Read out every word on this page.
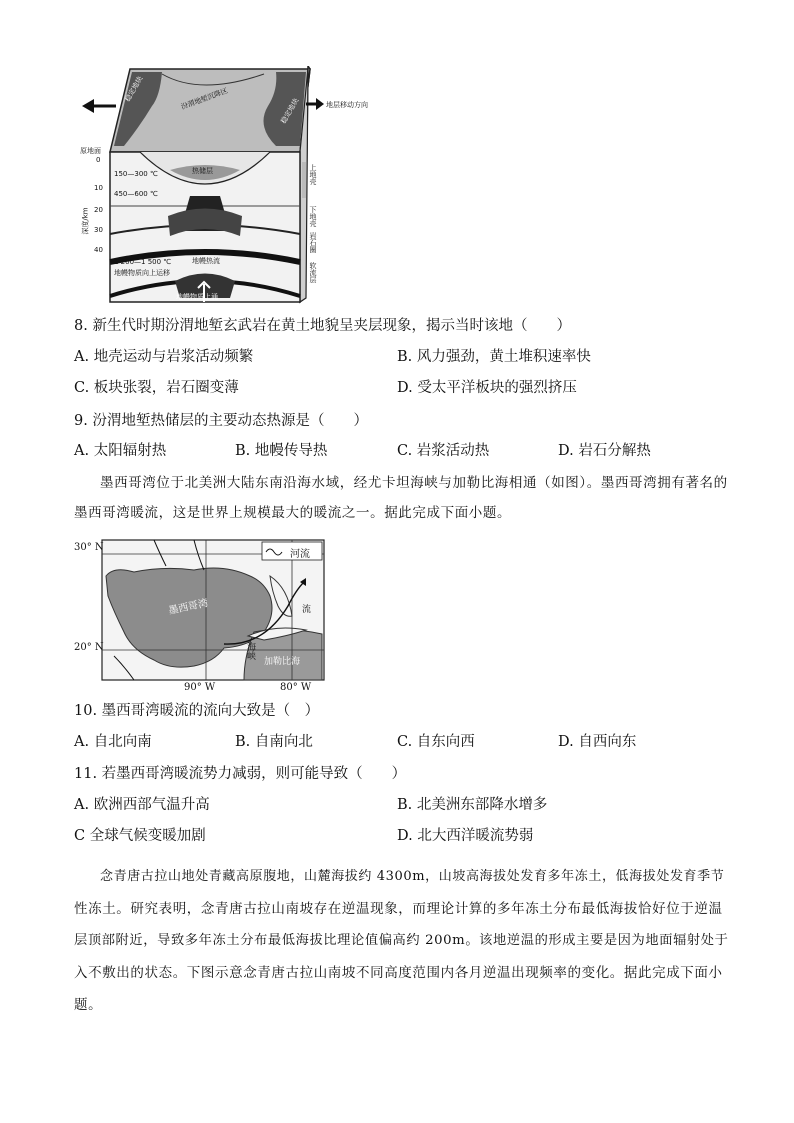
稳定地块
稳定地块
汾渭地堑沉降区	地层移动方向
原地面
深度/km
0
10
20
30
40
150—300 ℃
450—600 ℃
1 200—1 500 ℃
地幔物质向上运移
热储层
地幔热流
地幔物质上涌
上地壳
下地壳
岩石圈
软流层
8. 新生代时期汾渭地堑玄武岩在黄土地貌呈夹层现象，揭示当时该地（　　）
A. 地壳运动与岩浆活动频繁	B. 风力强劲，黄土堆积速率快
C. 板块张裂，岩石圈变薄	D. 受太平洋板块的强烈挤压
9. 汾渭地堑热储层的主要动态热源是（　　）
A. 太阳辐射热	B. 地幔传导热	C. 岩浆活动热	D. 岩石分解热
墨西哥湾位于北美洲大陆东南沿海水域，经尤卡坦海峡与加勒比海相通（如图）。墨西哥湾拥有著名的
墨西哥湾暖流，这是世界上规模最大的暖流之一。据此完成下面小题。
30° N
20° N
90° W	80° W
河流
墨西哥湾	流
海峡
加勒比海
10. 墨西哥湾暖流的流向大致是（　）
A. 自北向南	B. 自南向北	C. 自东向西	D. 自西向东
11. 若墨西哥湾暖流势力减弱，则可能导致（　　）
A. 欧洲西部气温升高	B. 北美洲东部降水增多
C 全球气候变暖加剧	D. 北大西洋暖流势弱
念青唐古拉山地处青藏高原腹地，山麓海拔约 4300m，山坡高海拔处发育多年冻土，低海拔处发育季节
性冻土。研究表明，念青唐古拉山南坡存在逆温现象，而理论计算的多年冻土分布最低海拔恰好位于逆温
层顶部附近，导致多年冻土分布最低海拔比理论值偏高约 200m。该地逆温的形成主要是因为地面辐射处于
入不敷出的状态。下图示意念青唐古拉山南坡不同高度范围内各月逆温出现频率的变化。据此完成下面小
题。
